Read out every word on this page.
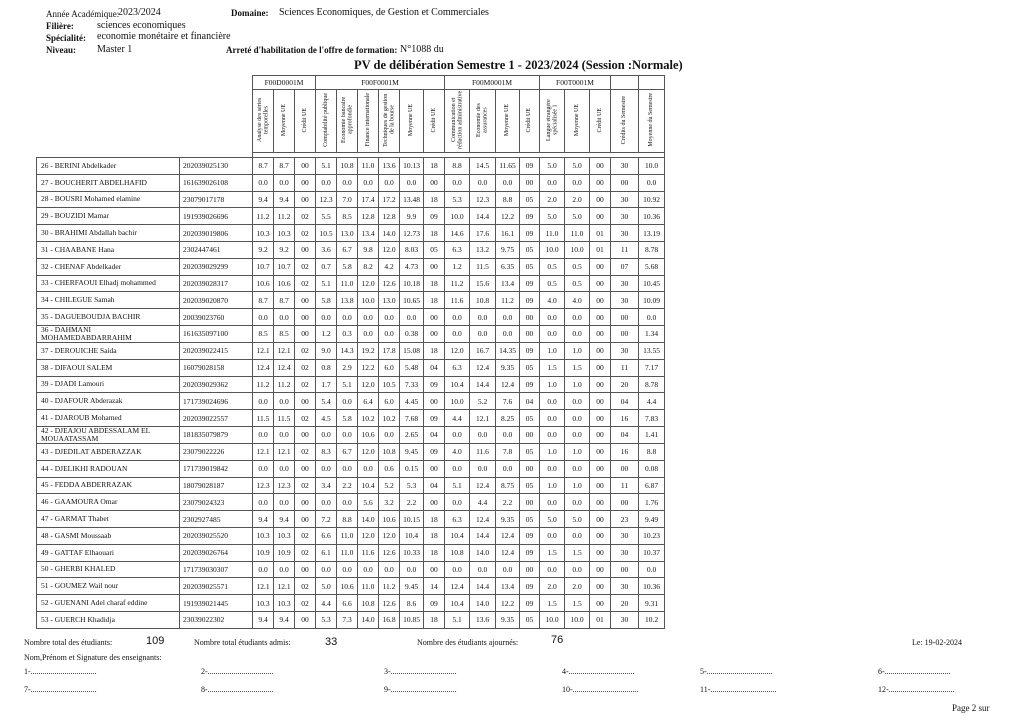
Année Académique:
2023/2024	Domaine: Sciences Economiques, de Gestion et Commerciales
Filière: sciences economiques
Spécialité: economie monétaire et financière
Niveau: Master 1	Arreté d'habilitation de l'offre de formation: N°1088 du
PV de délibération Semestre 1 - 2023/2024 (Session :Normale)
		F00D0001M			F00F0001M						F00M0001M				F00T0001M				
		Analyse des séries temporelles	Moyenne UE	Crédit UE	Comptabilité publique	Economie bancaire approfondie	Finance internationale	Techniques de gestion de la bourse	Moyenne UE	Crédit UE	Communication et rédaction administrative	Economie des assurances	Moyenne UE	Crédit UE	Langue étrangère spécialisée 1	Moyenne UE	Crédit UE	Crédits du Semestre	Moyenne du Semestre

26 - BERINI Abdelkader	202039025130	8.7	8.7	00	5.1	10.8	11.0	13.6	10.13	18	8.8	14.5	11.65	09	5.0	5.0	00	30	10.0
27 - BOUCHERIT ABDELHAFID	161639026108	0.0	0.0	00	0.0	0.0	0.0	0.0	0.0	00	0.0	0.0	0.0	00	0.0	0.0	00	00	0.0
28 - BOUSRI Mohamed elamine	23079017178	9.4	9.4	00	12.3	7.0	17.4	17.2	13.48	18	5.3	12.3	8.8	05	2.0	2.0	00	30	10.92
29 - BOUZIDI Mamar	191939026696	11.2	11.2	02	5.5	8.5	12.8	12.8	9.9	09	10.0	14.4	12.2	09	5.0	5.0	00	30	10.36
30 - BRAHIMI Abdallah bachir	202039019806	10.3	10.3	02	10.5	13.0	13.4	14.0	12.73	18	14.6	17.6	16.1	09	11.0	11.0	01	30	13.19
31 - CHAABANE Hana	2302447461	9.2	9.2	00	3.6	6.7	9.8	12.0	8.03	05	6.3	13.2	9.75	05	10.0	10.0	01	11	8.78
32 - CHENAF Abdelkader	202039029299	10.7	10.7	02	0.7	5.8	8.2	4.2	4.73	00	1.2	11.5	6.35	05	0.5	0.5	00	07	5.68
33 - CHERFAOUI Elhadj mohammed	202039028317	10.6	10.6	02	5.1	11.0	12.0	12.6	10.18	18	11.2	15.6	13.4	09	0.5	0.5	00	30	10.45
34 - CHILEGUE Samah	202039020870	8.7	8.7	00	5.8	13.8	10.0	13.0	10.65	18	11.6	10.8	11.2	09	4.0	4.0	00	30	10.09
35 - DAGUEBOUDJA BACHIR	20039023760	0.0	0.0	00	0.0	0.0	0.0	0.0	0.0	00	0.0	0.0	0.0	00	0.0	0.0	00	00	0.0
36 - DAHMANI MOHAMEDABDARRAHIM	161635097100	8.5	8.5	00	1.2	0.3	0.0	0.0	0.38	00	0.0	0.0	0.0	00	0.0	0.0	00	00	1.34
37 - DEROUICHE Saida	202039022415	12.1	12.1	02	9.0	14.3	19.2	17.8	15.08	18	12.0	16.7	14.35	09	1.0	1.0	00	30	13.55
38 - DIFAOUI SALEM	16079028158	12.4	12.4	02	0.8	2.9	12.2	6.0	5.48	04	6.3	12.4	9.35	05	1.5	1.5	00	11	7.17
39 - DJADI Lamouri	202039029362	11.2	11.2	02	1.7	5.1	12.0	10.5	7.33	09	10.4	14.4	12.4	09	1.0	1.0	00	20	8.78
40 - DJAFOUR Abderazak	171739024696	0.0	0.0	00	5.4	0.0	6.4	6.0	4.45	00	10.0	5.2	7.6	04	0.0	0.0	00	04	4.4
41 - DJAROUB Mohamed	202039022557	11.5	11.5	02	4.5	5.8	10.2	10.2	7.68	09	4.4	12.1	8.25	05	0.0	0.0	00	16	7.83
42 - DJEAJOU ABDESSALAM EL MOUAATASSAM	181835079879	0.0	0.0	00	0.0	0.0	10.6	0.0	2.65	04	0.0	0.0	0.0	00	0.0	0.0	00	04	1.41
43 - DJEDILAT ABDERAZZAK	23079022226	12.1	12.1	02	8.3	6.7	12.0	10.8	9.45	09	4.0	11.6	7.8	05	1.0	1.0	00	16	8.8
44 - DJELIKHI RADOUAN	171739019842	0.0	0.0	00	0.0	0.0	0.0	0.6	0.15	00	0.0	0.0	0.0	00	0.0	0.0	00	00	0.08
45 - FEDDA ABDERRAZAK	18079028187	12.3	12.3	02	3.4	2.2	10.4	5.2	5.3	04	5.1	12.4	8.75	05	1.0	1.0	00	11	6.87
46 - GAAMOURA Omar	23079024323	0.0	0.0	00	0.0	0.0	5.6	3.2	2.2	00	0.0	4.4	2.2	00	0.0	0.0	00	00	1.76
47 - GARMAT Thabet	2302927485	9.4	9.4	00	7.2	8.8	14.0	10.6	10.15	18	6.3	12.4	9.35	05	5.0	5.0	00	23	9.49
48 - GASMI Moussaab	202039025520	10.3	10.3	02	6.6	11.0	12.0	12.0	10.4	18	10.4	14.4	12.4	09	0.0	0.0	00	30	10.23
49 - GATTAF Elhaouari	202039026764	10.9	10.9	02	6.1	11.0	11.6	12.6	10.33	18	10.8	14.0	12.4	09	1.5	1.5	00	30	10.37
50 - GHERBI KHALED	171739030307	0.0	0.0	00	0.0	0.0	0.0	0.0	0.0	00	0.0	0.0	0.0	00	0.0	0.0	00	00	0.0
51 - GOUMEZ Wail nour	202039025571	12.1	12.1	02	5.0	10.6	11.0	11.2	9.45	14	12.4	14.4	13.4	09	2.0	2.0	00	30	10.36
52 - GUENANI Adel charaf eddine	191939021445	10.3	10.3	02	4.4	6.6	10.8	12.6	8.6	09	10.4	14.0	12.2	09	1.5	1.5	00	20	9.31
53 - GUERCH Khadidja	23039022302	9.4	9.4	00	5.3	7.3	14.0	16.8	10.85	18	5.1	13.6	9.35	05	10.0	10.0	01	30	10.2
Nombre total des étudiants:	109	Nombre total étudiants admis:	33	Nombre des étudiants ajournés:	76	Le: 19-02-2024
Nom,Prénom et Signature des enseignants:
1-.................................	2-.................................	3-.................................	4-.................................	5-.................................	6-.................................
7-.................................	8-.................................	9-.................................	10-.................................	11-.................................	12-.................................
Page 2 sur
